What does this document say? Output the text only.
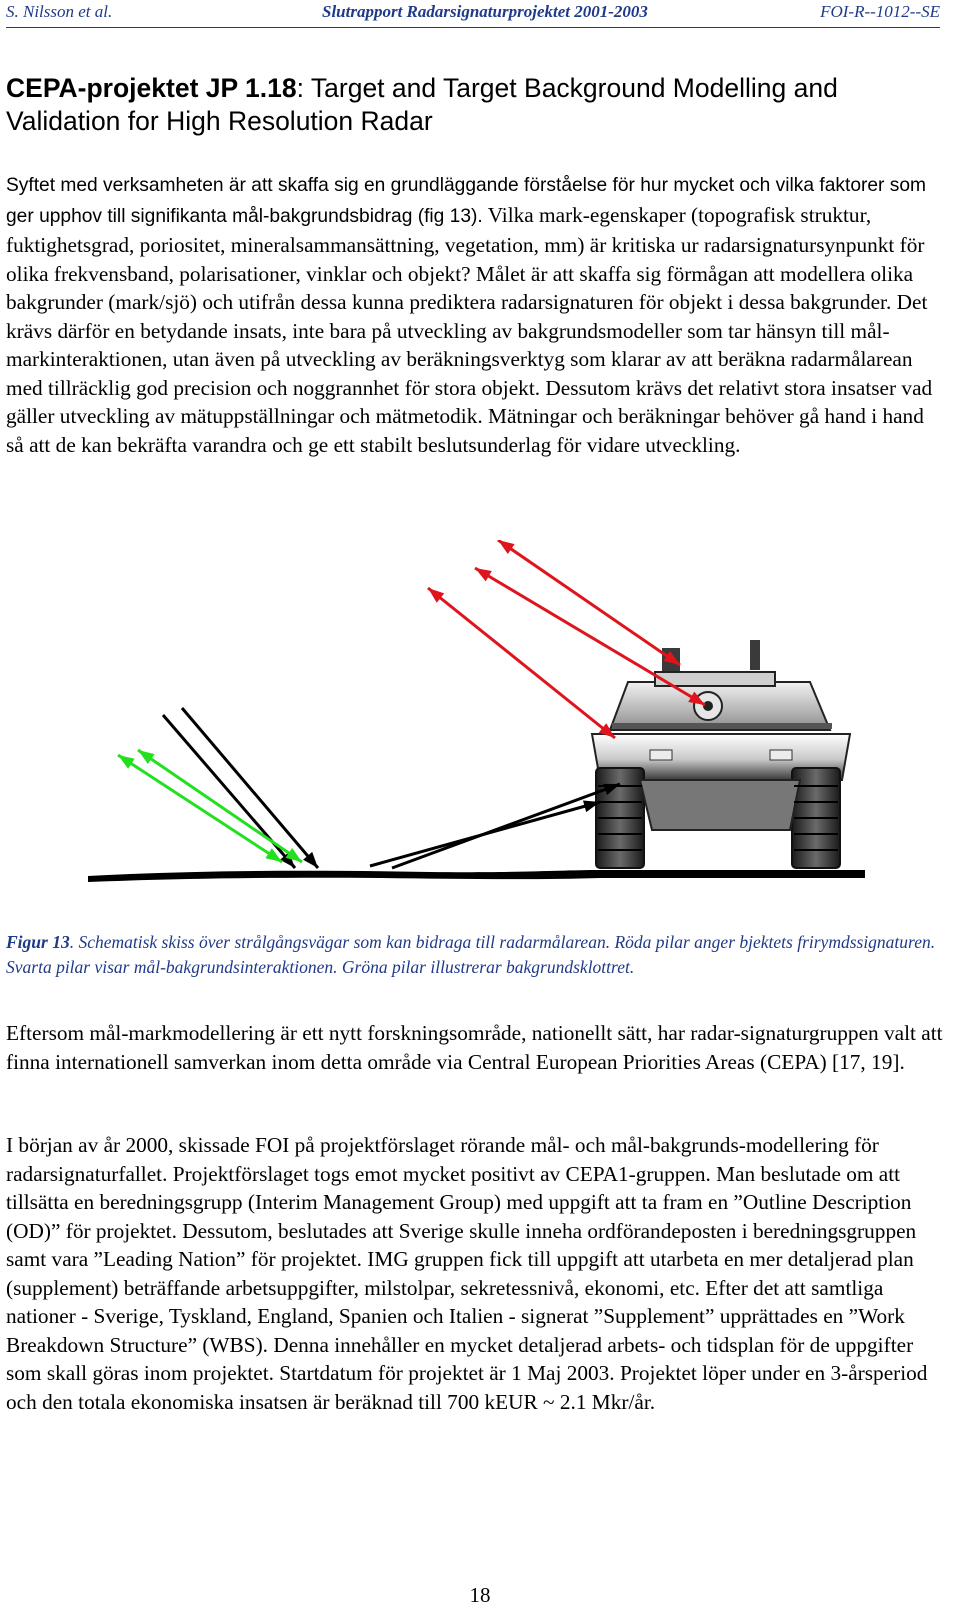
S. Nilsson et al.	Slutrapport Radarsignaturprojektet 2001-2003	FOI-R--1012--SE
CEPA-projektet JP 1.18: Target and Target Background Modelling and Validation for High Resolution Radar

Syftet med verksamheten är att skaffa sig en grundläggande förståelse för hur mycket och vilka faktorer som ger upphov till signifikanta mål-bakgrundsbidrag (fig 13). Vilka mark-egenskaper (topografisk struktur, fuktighetsgrad, poriositet, mineralsammansättning, vegetation, mm) är kritiska ur radarsignatursynpunkt för olika frekvensband, polarisationer, vinklar och objekt? Målet är att skaffa sig förmågan att modellera olika bakgrunder (mark/sjö) och utifrån dessa kunna prediktera radarsignaturen för objekt i dessa bakgrunder. Det krävs därför en betydande insats, inte bara på utveckling av bakgrundsmodeller som tar hänsyn till mål- markinteraktionen, utan även på utveckling av beräkningsverktyg som klarar av att beräkna radarmålarean med tillräcklig god precision och noggrannhet för stora objekt. Dessutom krävs det relativt stora insatser vad gäller utveckling av mätuppställningar och mätmetodik. Mätningar och beräkningar behöver gå hand i hand så att de kan bekräfta varandra och ge ett stabilt beslutsunderlag för vidare utveckling.

Figur 13. Schematisk skiss över strålgångsvägar som kan bidraga till radarmålarean. Röda pilar anger bjektets frirymdssignaturen. Svarta pilar visar mål-bakgrundsinteraktionen. Gröna pilar illustrerar bakgrundsklottret.

Eftersom mål-markmodellering är ett nytt forskningsområde, nationellt sätt, har radar-signaturgruppen valt att finna internationell samverkan inom detta område via Central European Priorities Areas (CEPA) [17, 19].

I början av år 2000, skissade FOI på projektförslaget rörande mål- och mål-bakgrunds-modellering för radarsignaturfallet. Projektförslaget togs emot mycket positivt av CEPA1-gruppen. Man beslutade om att tillsätta en beredningsgrupp (Interim Management Group) med uppgift att ta fram en ”Outline Description (OD)” för projektet. Dessutom, beslutades att Sverige skulle inneha ordförandeposten i beredningsgruppen samt vara ”Leading Nation” för projektet. IMG gruppen fick till uppgift att utarbeta en mer detaljerad plan (supplement) beträffande arbetsuppgifter, milstolpar, sekretessnivå, ekonomi, etc. Efter det att samtliga nationer - Sverige, Tyskland, England, Spanien och Italien - signerat ”Supplement” upprättades en ”Work Breakdown Structure” (WBS). Denna innehåller en mycket detaljerad arbets- och tidsplan för de uppgifter som skall göras inom projektet. Startdatum för projektet är 1 Maj 2003. Projektet löper under en 3-årsperiod och den totala ekonomiska insatsen är beräknad till 700 kEUR ~ 2.1 Mkr/år.

18
